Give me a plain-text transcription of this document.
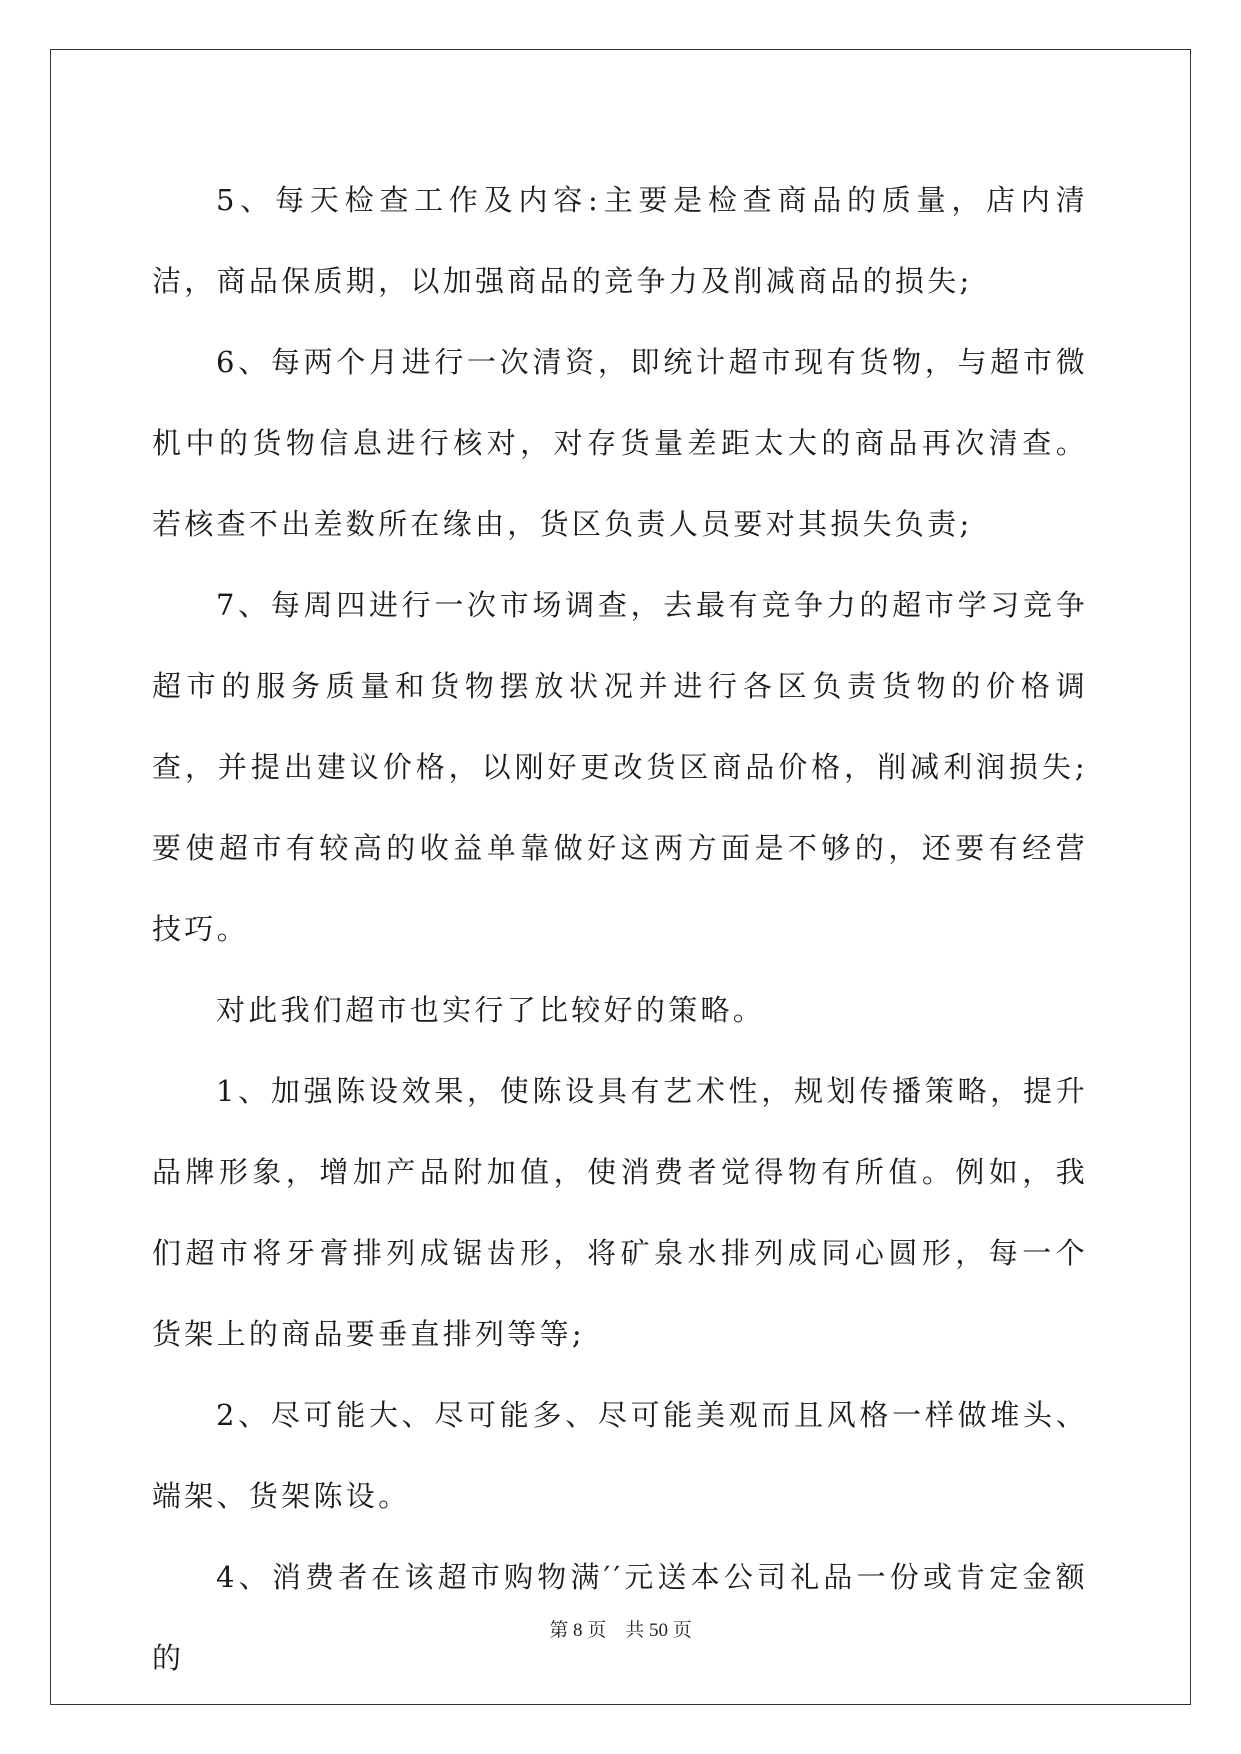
5、每天检查工作及内容:主要是检查商品的质量，店内清洁，商品保质期，以加强商品的竞争力及削减商品的损失;

6、每两个月进行一次清资，即统计超市现有货物，与超市微机中的货物信息进行核对，对存货量差距太大的商品再次清查。若核查不出差数所在缘由，货区负责人员要对其损失负责;

7、每周四进行一次市场调查，去最有竞争力的超市学习竞争超市的服务质量和货物摆放状况并进行各区负责货物的价格调查，并提出建议价格，以刚好更改货区商品价格，削减利润损失;要使超市有较高的收益单靠做好这两方面是不够的，还要有经营技巧。

对此我们超市也实行了比较好的策略。

1、加强陈设效果，使陈设具有艺术性，规划传播策略，提升品牌形象，增加产品附加值，使消费者觉得物有所值。例如，我们超市将牙膏排列成锯齿形，将矿泉水排列成同心圆形，每一个货架上的商品要垂直排列等等;

2、尽可能大、尽可能多、尽可能美观而且风格一样做堆头、端架、货架陈设。

4、消费者在该超市购物满′′元送本公司礼品一份或肯定金额的

第 8 页    共 50 页
